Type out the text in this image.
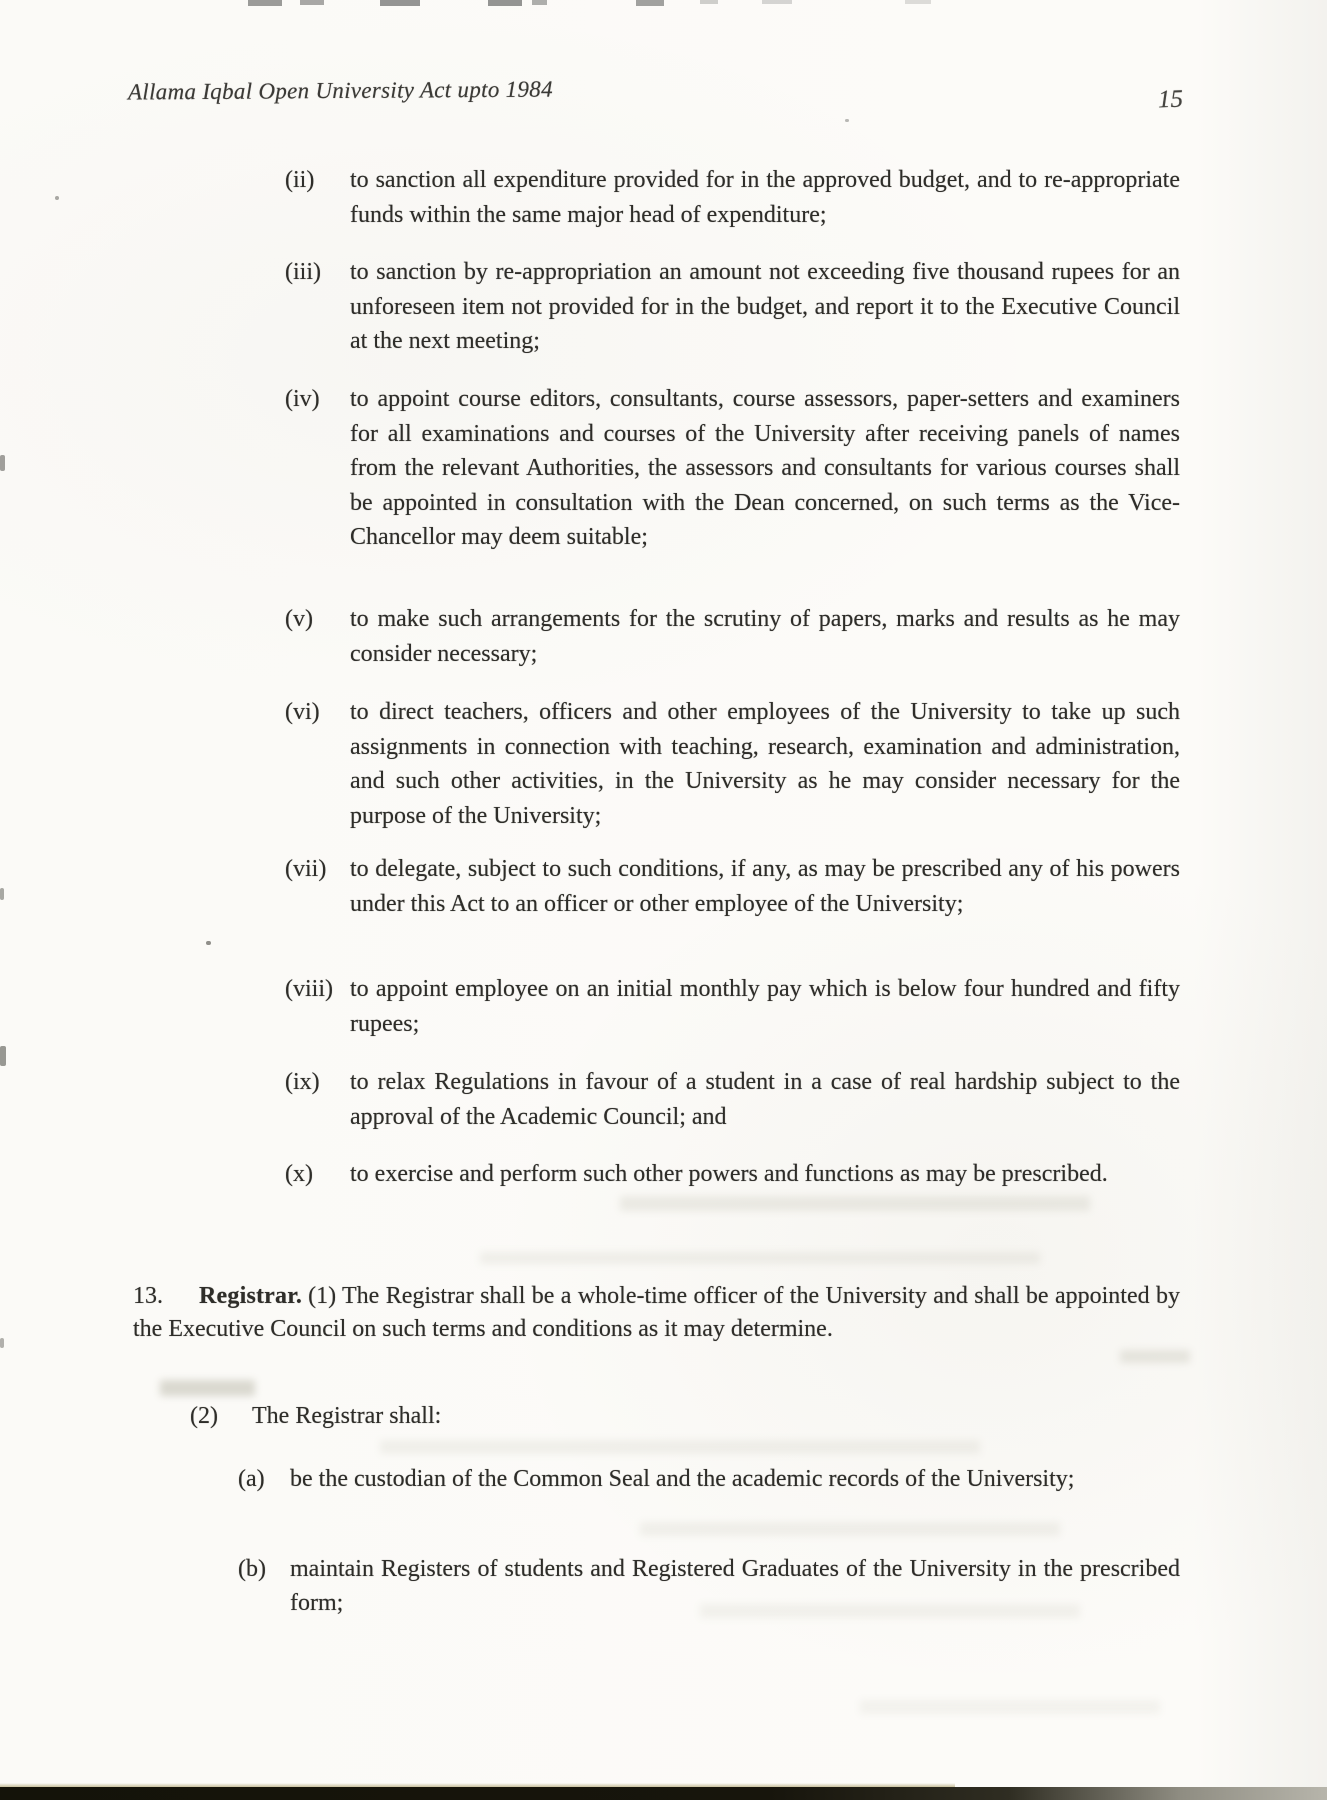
Allama Iqbal Open University Act upto 1984	15
(ii) to sanction all expenditure provided for in the approved budget, and to re-appropriate funds within the same major head of expenditure;
(iii) to sanction by re-appropriation an amount not exceeding five thousand rupees for an unforeseen item not provided for in the budget, and report it to the Executive Council at the next meeting;
(iv) to appoint course editors, consultants, course assessors, paper-setters and examiners for all examinations and courses of the University after receiving panels of names from the relevant Authorities, the assessors and consultants for various courses shall be appointed in consultation with the Dean concerned, on such terms as the Vice-Chancellor may deem suitable;
(v) to make such arrangements for the scrutiny of papers, marks and results as he may consider necessary;
(vi) to direct teachers, officers and other employees of the University to take up such assignments in connection with teaching, research, examination and administration, and such other activities, in the University as he may consider necessary for the purpose of the University;
(vii) to delegate, subject to such conditions, if any, as may be prescribed any of his powers under this Act to an officer or other employee of the University;
(viii) to appoint employee on an initial monthly pay which is below four hundred and fifty rupees;
(ix) to relax Regulations in favour of a student in a case of real hardship subject to the approval of the Academic Council; and
(x) to exercise and perform such other powers and functions as may be prescribed.
13. Registrar. (1) The Registrar shall be a whole-time officer of the University and shall be appointed by the Executive Council on such terms and conditions as it may determine.
(2) The Registrar shall:
(a) be the custodian of the Common Seal and the academic records of the University;
(b) maintain Registers of students and Registered Graduates of the University in the prescribed form;
